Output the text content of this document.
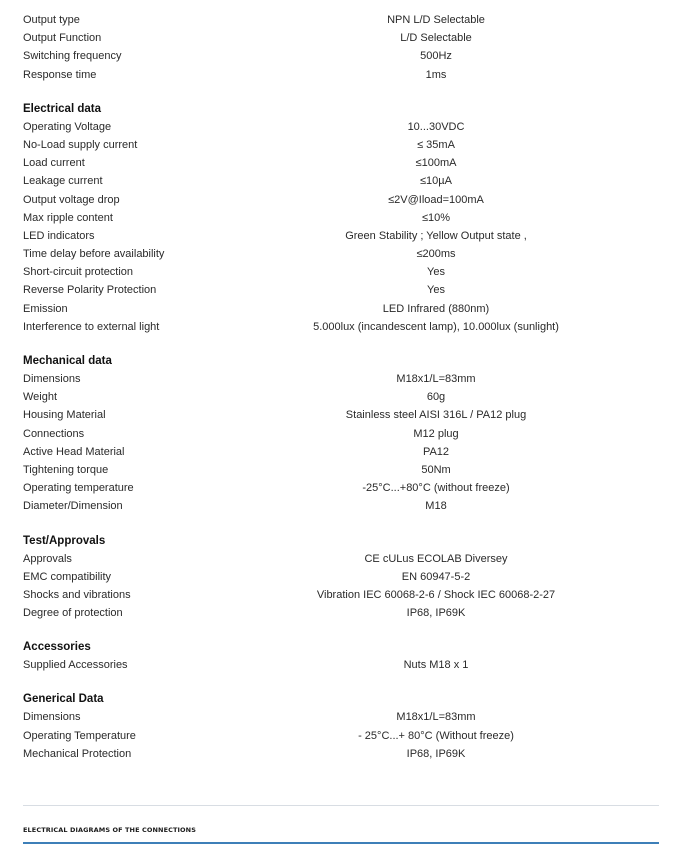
Output type	NPN L/D Selectable
Output Function	L/D Selectable
Switching frequency	500Hz
Response time	1ms
Electrical data
Operating Voltage	10...30VDC
No-Load supply current	≤ 35mA
Load current	≤100mA
Leakage current	≤10µA
Output voltage drop	≤2V@Iload=100mA
Max ripple content	≤10%
LED indicators	Green Stability ; Yellow Output state ,
Time delay before availability	≤200ms
Short-circuit protection	Yes
Reverse Polarity Protection	Yes
Emission	LED Infrared (880nm)
Interference to external light	5.000lux (incandescent lamp), 10.000lux (sunlight)
Mechanical data
Dimensions	M18x1/L=83mm
Weight	60g
Housing Material	Stainless steel AISI 316L / PA12 plug
Connections	M12 plug
Active Head Material	PA12
Tightening torque	50Nm
Operating temperature	-25°C...+80°C (without freeze)
Diameter/Dimension	M18
Test/Approvals
Approvals	CE cULus ECOLAB Diversey
EMC compatibility	EN 60947-5-2
Shocks and vibrations	Vibration IEC 60068-2-6 / Shock IEC 60068-2-27
Degree of protection	IP68, IP69K
Accessories
Supplied Accessories	Nuts M18 x 1
Generical Data
Dimensions	M18x1/L=83mm
Operating Temperature	- 25°C...+ 80°C (Without freeze)
Mechanical Protection	IP68, IP69K
ELECTRICAL DIAGRAMS OF THE CONNECTIONS
